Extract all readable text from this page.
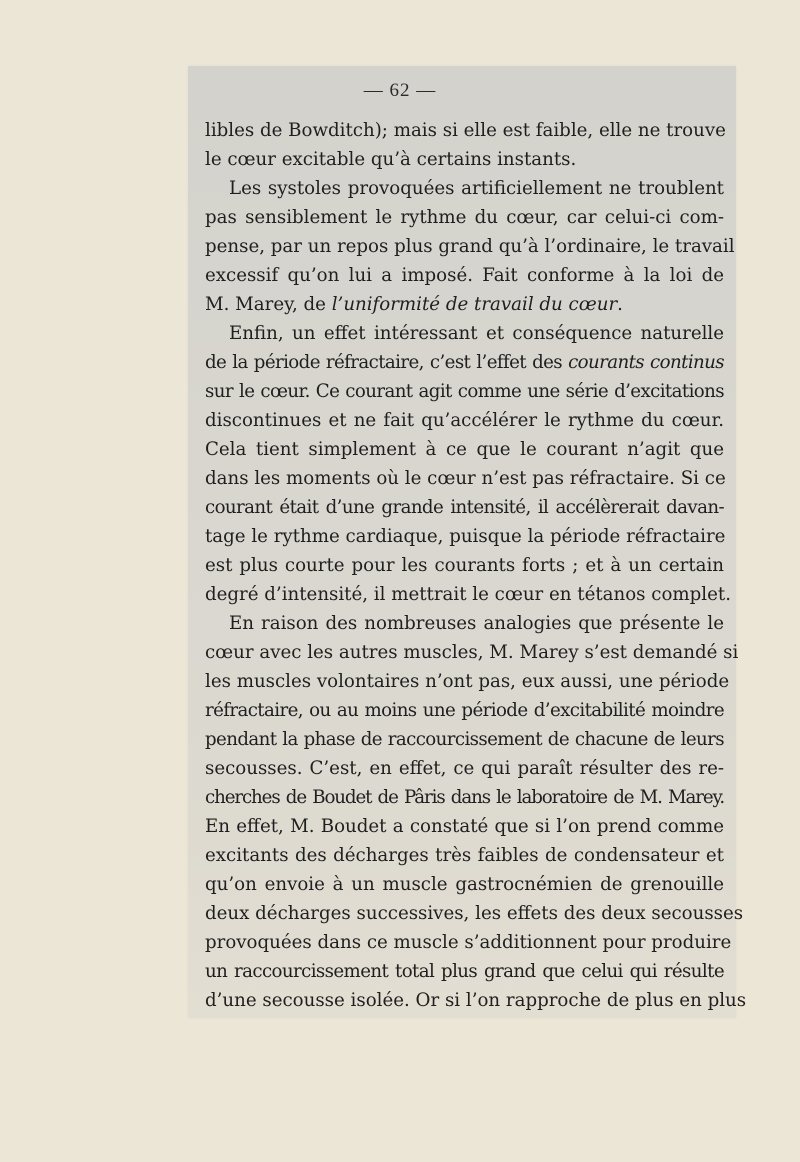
— 62 —
libles de Bowditch); mais si elle est faible, elle ne trouve
le cœur excitable qu’à certains instants.
Les systoles provoquées artificiellement ne troublent
pas sensiblement le rythme du cœur, car celui-ci com-
pense, par un repos plus grand qu’à l’ordinaire, le travail
excessif qu’on lui a imposé. Fait conforme à la loi de
M. Marey, de l’uniformité de travail du cœur.
Enfin, un effet intéressant et conséquence naturelle
de la période réfractaire, c’est l’effet des courants continus
sur le cœur. Ce courant agit comme une série d’excitations
discontinues et ne fait qu’accélérer le rythme du cœur.
Cela tient simplement à ce que le courant n’agit que
dans les moments où le cœur n’est pas réfractaire. Si ce
courant était d’une grande intensité, il accélèrerait davan-
tage le rythme cardiaque, puisque la période réfractaire
est plus courte pour les courants forts ; et à un certain
degré d’intensité, il mettrait le cœur en tétanos complet.
En raison des nombreuses analogies que présente le
cœur avec les autres muscles, M. Marey s’est demandé si
les muscles volontaires n’ont pas, eux aussi, une période
réfractaire, ou au moins une période d’excitabilité moindre
pendant la phase de raccourcissement de chacune de leurs
secousses. C’est, en effet, ce qui paraît résulter des re-
cherches de Boudet de Pâris dans le laboratoire de M. Marey.
En effet, M. Boudet a constaté que si l’on prend comme
excitants des décharges très faibles de condensateur et
qu’on envoie à un muscle gastrocnémien de grenouille
deux décharges successives, les effets des deux secousses
provoquées dans ce muscle s’additionnent pour produire
un raccourcissement total plus grand que celui qui résulte
d’une secousse isolée. Or si l’on rapproche de plus en plus
